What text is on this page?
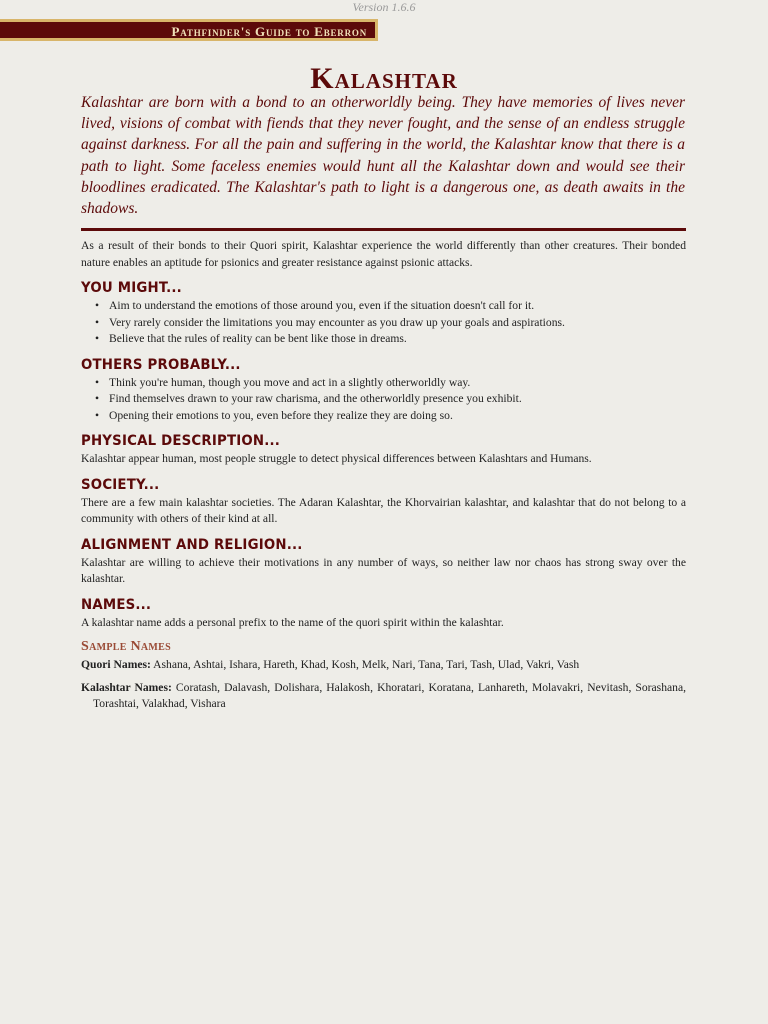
Version 1.6.6
Pathfinder's Guide to Eberron
Kalashtar

Kalashtar are born with a bond to an otherworldly being. They have memories of lives never lived, visions of combat with fiends that they never fought, and the sense of an endless struggle against darkness. For all the pain and suffering in the world, the Kalashtar know that there is a path to light. Some faceless enemies would hunt all the Kalashtar down and would see their bloodlines eradicated. The Kalashtar's path to light is a dangerous one, as death awaits in the shadows.

As a result of their bonds to their Quori spirit, Kalashtar experience the world differently than other creatures. Their bonded nature enables an aptitude for psionics and greater resistance against psionic attacks.

YOU MIGHT...
• Aim to understand the emotions of those around you, even if the situation doesn't call for it.
• Very rarely consider the limitations you may encounter as you draw up your goals and aspirations.
• Believe that the rules of reality can be bent like those in dreams.
OTHERS PROBABLY...
• Think you're human, though you move and act in a slightly otherworldly way.
• Find themselves drawn to your raw charisma, and the otherworldly presence you exhibit.
• Opening their emotions to you, even before they realize they are doing so.
PHYSICAL DESCRIPTION...

Kalashtar appear human, most people struggle to detect physical differences between Kalashtars and Humans.

SOCIETY...

There are a few main kalashtar societies. The Adaran Kalashtar, the Khorvairian kalashtar, and kalashtar that do not belong to a community with others of their kind at all.

ALIGNMENT AND RELIGION...

Kalashtar are willing to achieve their motivations in any number of ways, so neither law nor chaos has strong sway over the kalashtar.

NAMES...

A kalashtar name adds a personal prefix to the name of the quori spirit within the kalashtar.

Sample Names

Quori Names: Ashana, Ashtai, Ishara, Hareth, Khad, Kosh, Melk, Nari, Tana, Tari, Tash, Ulad, Vakri, Vash

Kalashtar Names: Coratash, Dalavash, Dolishara, Halakosh, Khoratari, Koratana, Lanhareth, Molavakri, Nevitash, Sorashana, Torashtai, Valakhad, Vishara
